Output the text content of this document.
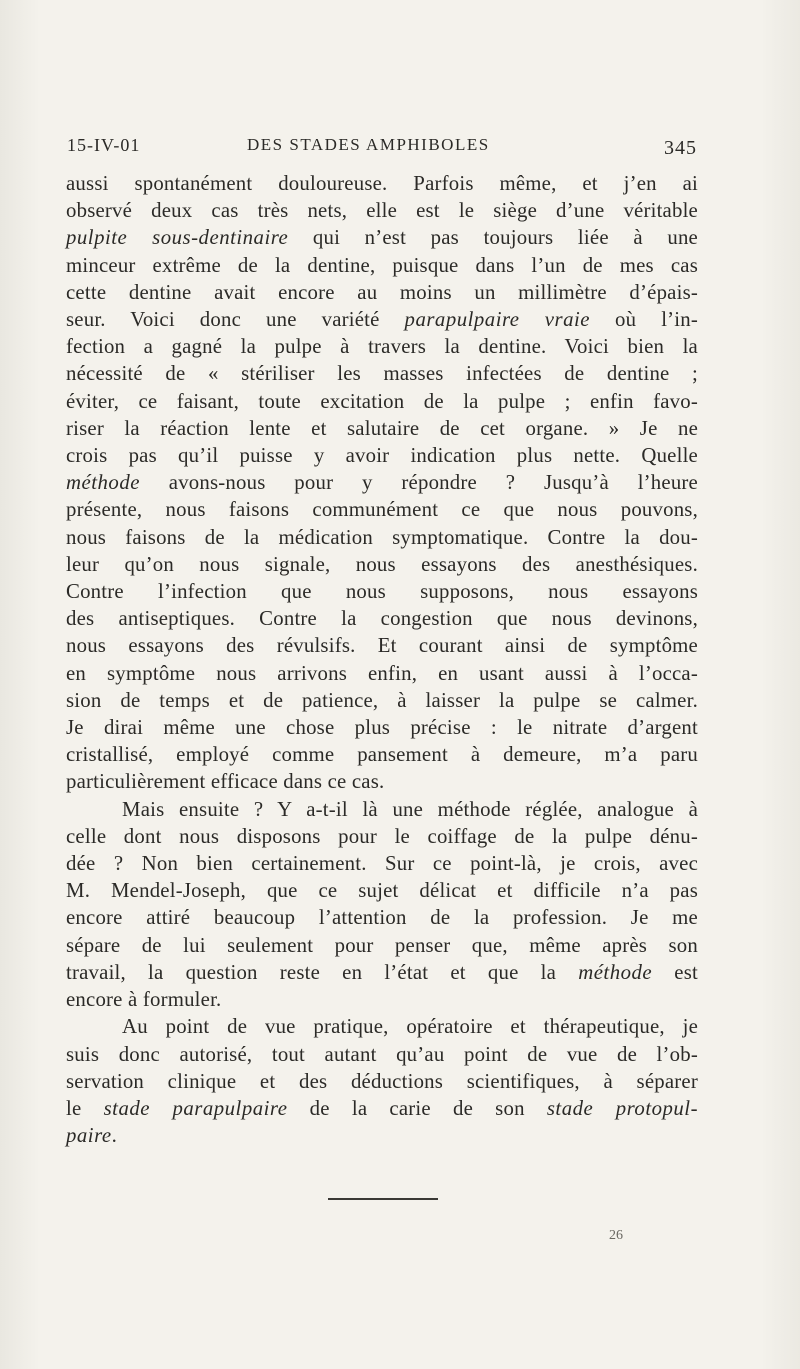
15-IV-01	DES STADES AMPHIBOLES	345
aussi spontanément douloureuse. Parfois même, et j’en ai
observé deux cas très nets, elle est le siège d’une véritable
pulpite sous-dentinaire qui n’est pas toujours liée à une
minceur extrême de la dentine, puisque dans l’un de mes cas
cette dentine avait encore au moins un millimètre d’épais-
seur. Voici donc une variété parapulpaire vraie où l’in-
fection a gagné la pulpe à travers la dentine. Voici bien la
nécessité de « stériliser les masses infectées de dentine ;
éviter, ce faisant, toute excitation de la pulpe ; enfin favo-
riser la réaction lente et salutaire de cet organe. » Je ne
crois pas qu’il puisse y avoir indication plus nette. Quelle
méthode avons-nous pour y répondre ? Jusqu’à l’heure
présente, nous faisons communément ce que nous pouvons,
nous faisons de la médication symptomatique. Contre la dou-
leur qu’on nous signale, nous essayons des anesthésiques.
Contre l’infection que nous supposons, nous essayons
des antiseptiques. Contre la congestion que nous devinons,
nous essayons des révulsifs. Et courant ainsi de symptôme
en symptôme nous arrivons enfin, en usant aussi à l’occa-
sion de temps et de patience, à laisser la pulpe se calmer.
Je dirai même une chose plus précise : le nitrate d’argent
cristallisé, employé comme pansement à demeure, m’a paru
particulièrement efficace dans ce cas.
Mais ensuite ? Y a-t-il là une méthode réglée, analogue à
celle dont nous disposons pour le coiffage de la pulpe dénu-
dée ? Non bien certainement. Sur ce point-là, je crois, avec
M. Mendel-Joseph, que ce sujet délicat et difficile n’a pas
encore attiré beaucoup l’attention de la profession. Je me
sépare de lui seulement pour penser que, même après son
travail, la question reste en l’état et que la méthode est
encore à formuler.
Au point de vue pratique, opératoire et thérapeutique, je
suis donc autorisé, tout autant qu’au point de vue de l’ob-
servation clinique et des déductions scientifiques, à séparer
le stade parapulpaire de la carie de son stade protopul-
paire.
26
